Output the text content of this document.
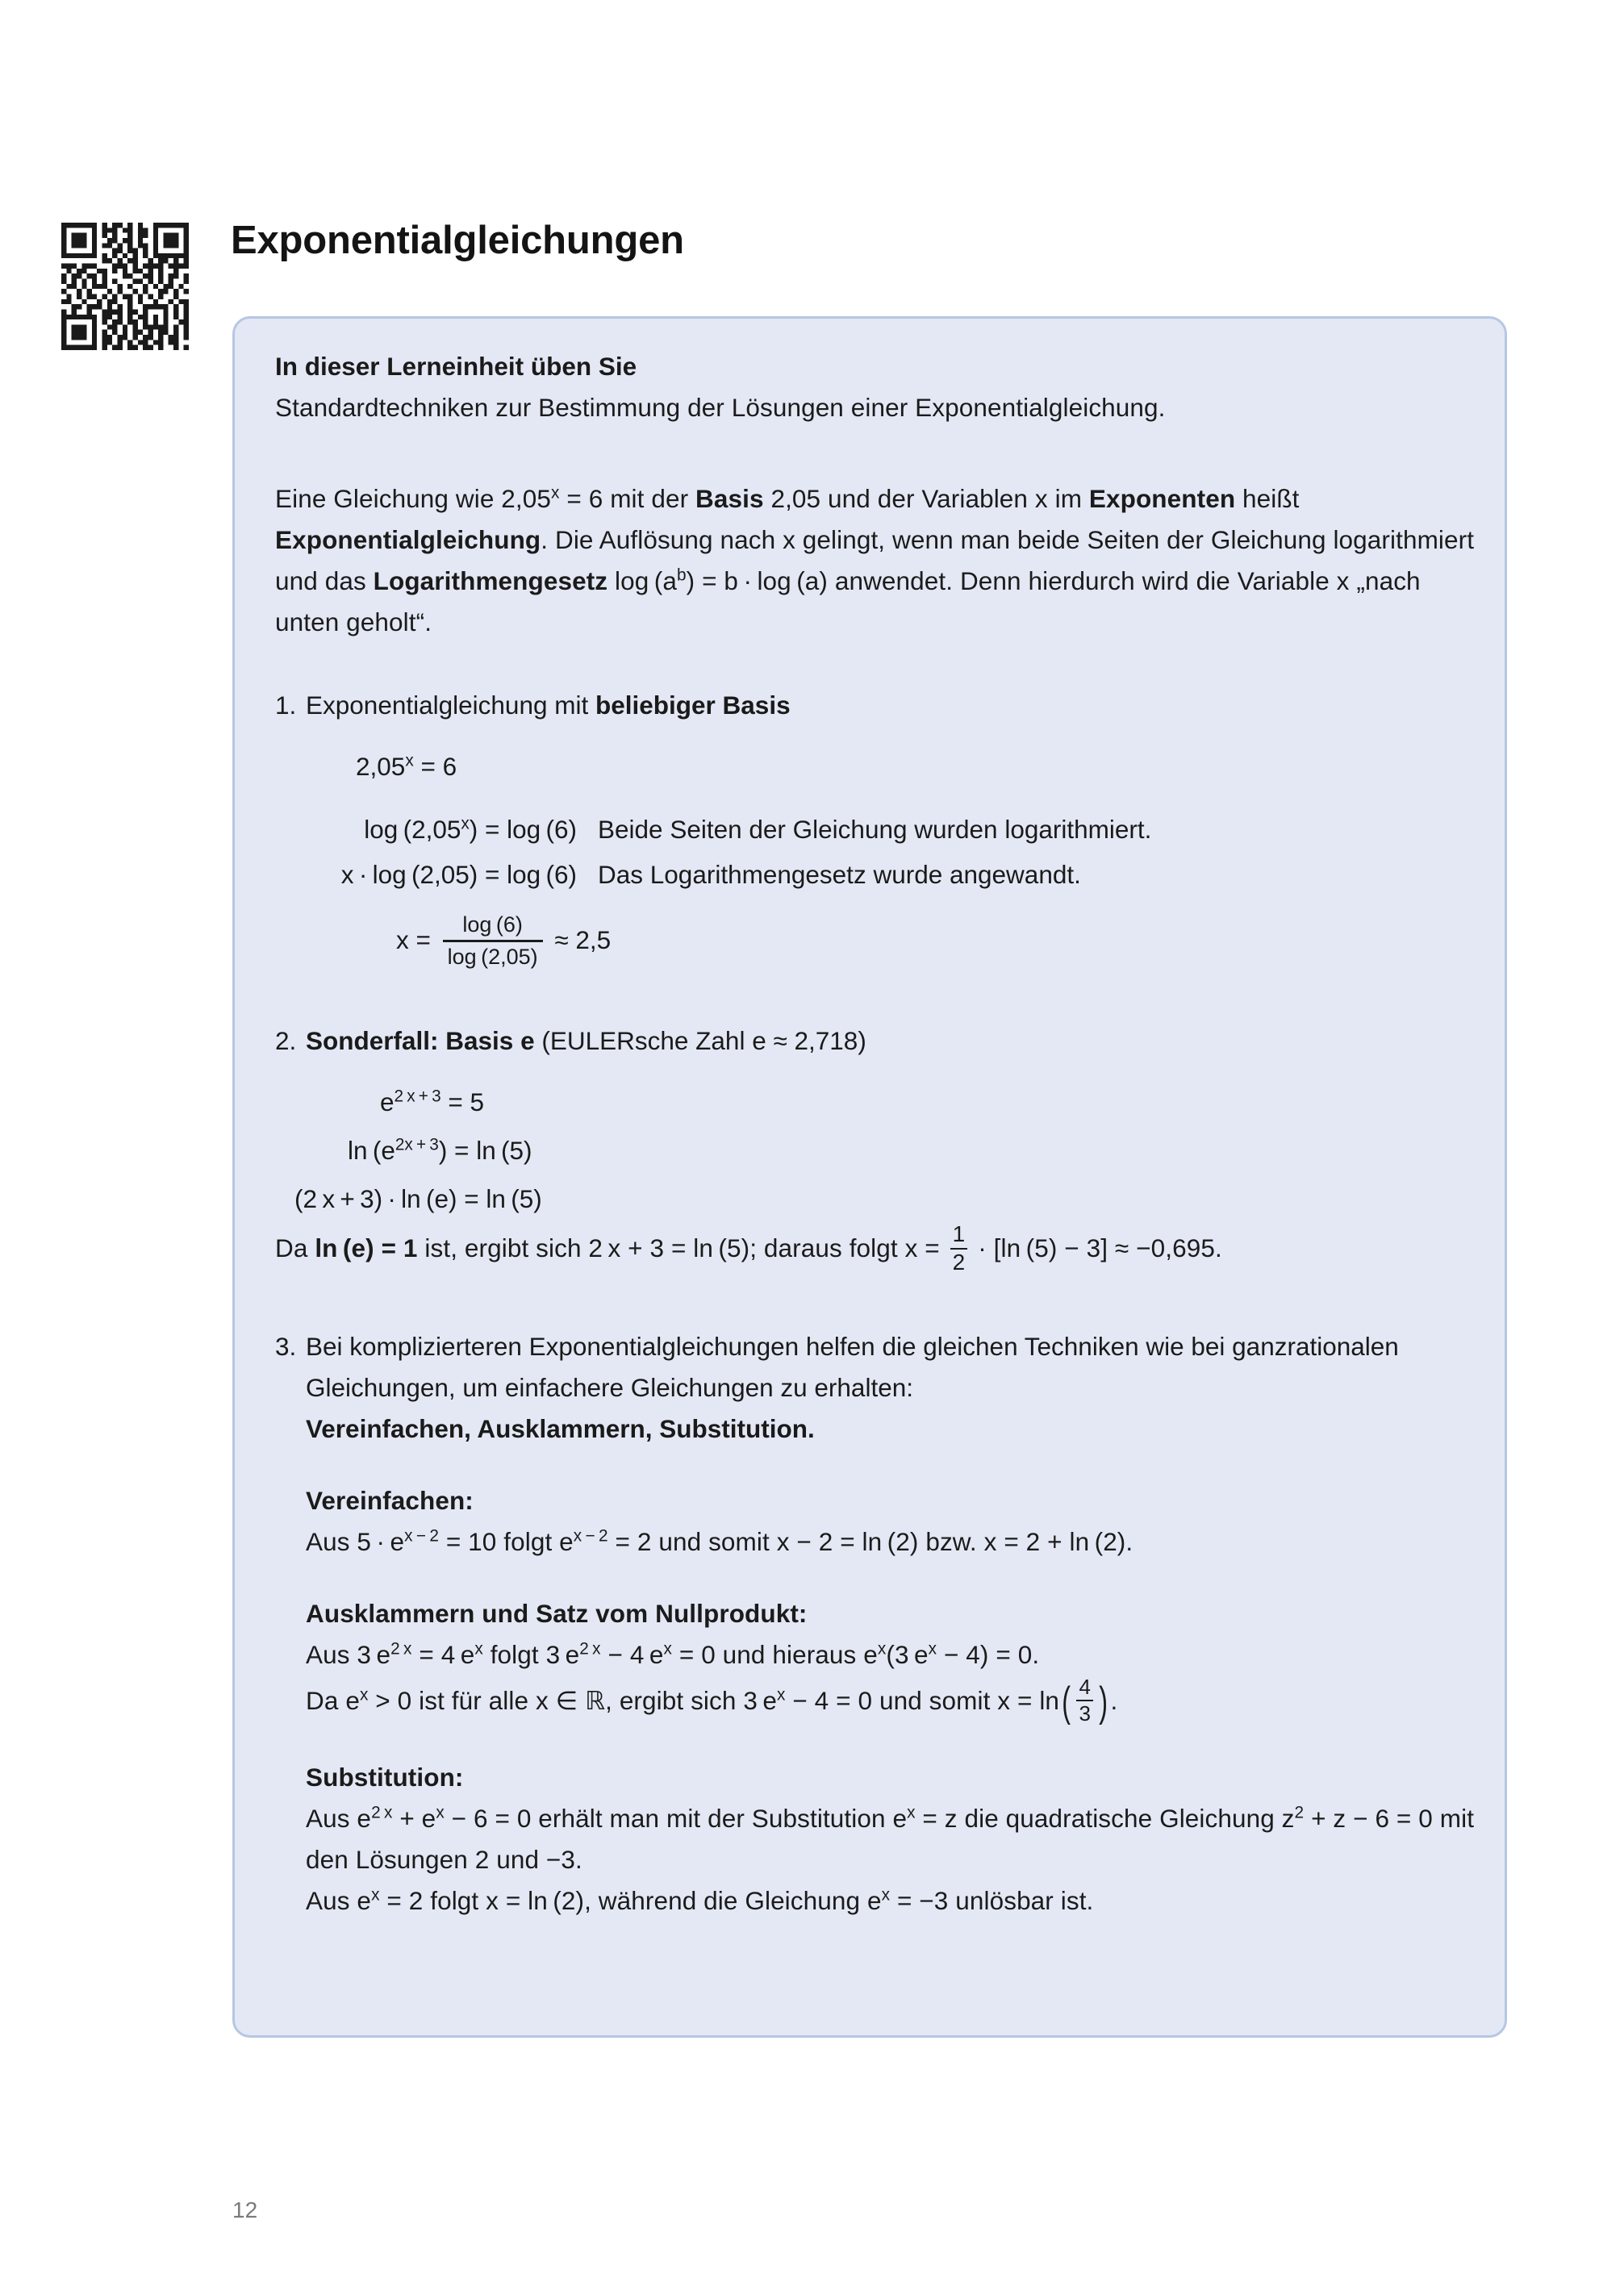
Exponentialgleichungen
In dieser Lerneinheit üben Sie
Standardtechniken zur Bestimmung der Lösungen einer Exponentialgleichung.
Eine Gleichung wie $2,05^x = 6$ mit der Basis 2,05 und der Variablen x im Exponenten heißt Exponentialgleichung. Die Auflösung nach x gelingt, wenn man beide Seiten der Gleichung logarithmiert und das Logarithmengesetz $\log (a^b) = b \cdot \log (a)$ anwendet. Denn hierdurch wird die Variable x „nach unten geholt“.
1. Exponentialgleichung mit beliebiger Basis
$2,05^x = 6$
$\log (2,05^x) = \log (6)$ Beide Seiten der Gleichung wurden logarithmiert.
x · log (2,05) = log (6) Das Logarithmengesetz wurde angewandt.
$x = \frac{\log (6)}{\log (2,05)} \approx 2,5$
2. Sonderfall: Basis e (EULERsche Zahl e ≈ 2,718)
$e^{2 x + 3} = 5$
$\ln (e^{2x + 3}) = \ln (5)$
(2 x + 3) · ln (e) = ln (5)
Da ln (e) = 1 ist, ergibt sich 2 x + 3 = ln (5); daraus folgt $x = \frac{1}{2} \cdot [\ln$ (5) − 3] ≈ −0,695.
3. Bei komplizierteren Exponentialgleichungen helfen die gleichen Techniken wie bei ganzrationalen Gleichungen, um einfachere Gleichungen zu erhalten:
Vereinfachen, Ausklammern, Substitution.
Vereinfachen:
Aus $5 \cdot e^{x - 2} = 10$ folgt $e^{x - 2} = 2$ und somit x − 2 = ln (2) bzw. x = 2 + ln (2).
Ausklammern und Satz vom Nullprodukt:
Aus 3 $e^{2 x} = 4$ $e^x$ folgt 3 $e^{2 x} - 4$ $e^x = 0$ und hieraus $e^x(3$ $e^x - 4) = 0$.
Da $e^x > 0$ ist für alle x ∈ ℝ, ergibt sich 3 $e^x - 4 = 0$ und somit x = ln ( $\frac{4}{3}$ ) .
Substitution:
Aus $e^{2 x} + e^x - 6 = 0$ erhält man mit der Substitution $e^x = z$ die quadratische Gleichung $z^2 + z - 6 = 0$ mit den Lösungen 2 und −3.
Aus $e^x = 2$ folgt x = ln (2), während die Gleichung $e^x = -3$ unlösbar ist.
12
